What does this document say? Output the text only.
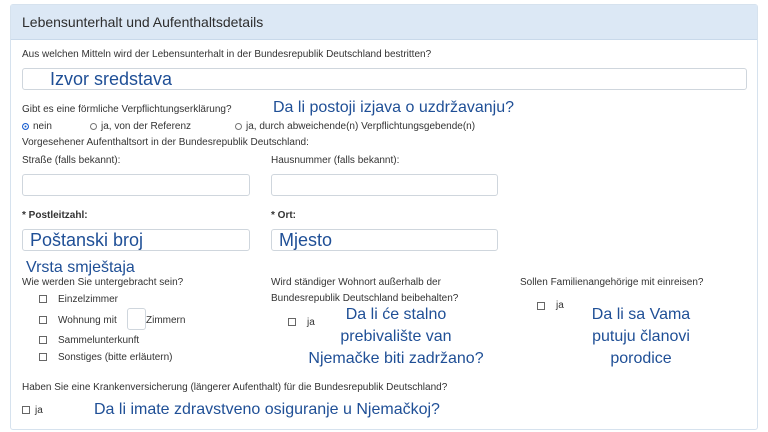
Lebensunterhalt und Aufenthaltsdetails
Aus welchen Mitteln wird der Lebensunterhalt in der Bundesrepublik Deutschland bestritten?
Izvor sredstava
Gibt es eine förmliche Verpflichtungserklärung?	Da li postoji izjava o uzdržavanju?
nein	ja, von der Referenz	ja, durch abweichende(n) Verpflichtungsgebende(n)
Vorgesehener Aufenthaltsort in der Bundesrepublik Deutschland:
Straße (falls bekannt):	Hausnummer (falls bekannt):
* Postleitzahl:	* Ort:
Poštanski broj	Mjesto
Vrsta smještaja
Wie werden Sie untergebracht sein?
Einzelzimmer
Wohnung mit	Zimmern
Sammelunterkunft
Sonstiges (bitte erläutern)
Wird ständiger Wohnort außerhalb der
Bundesrepublik Deutschland beibehalten?
ja	Da li će stalno
prebivalište van
Njemačke biti zadržano?
Sollen Familienangehörige mit einreisen?
ja
Da li sa Vama
putuju članovi
porodice
Haben Sie eine Krankenversicherung (längerer Aufenthalt) für die Bundesrepublik Deutschland?
ja	Da li imate zdravstveno osiguranje u Njemačkoj?
